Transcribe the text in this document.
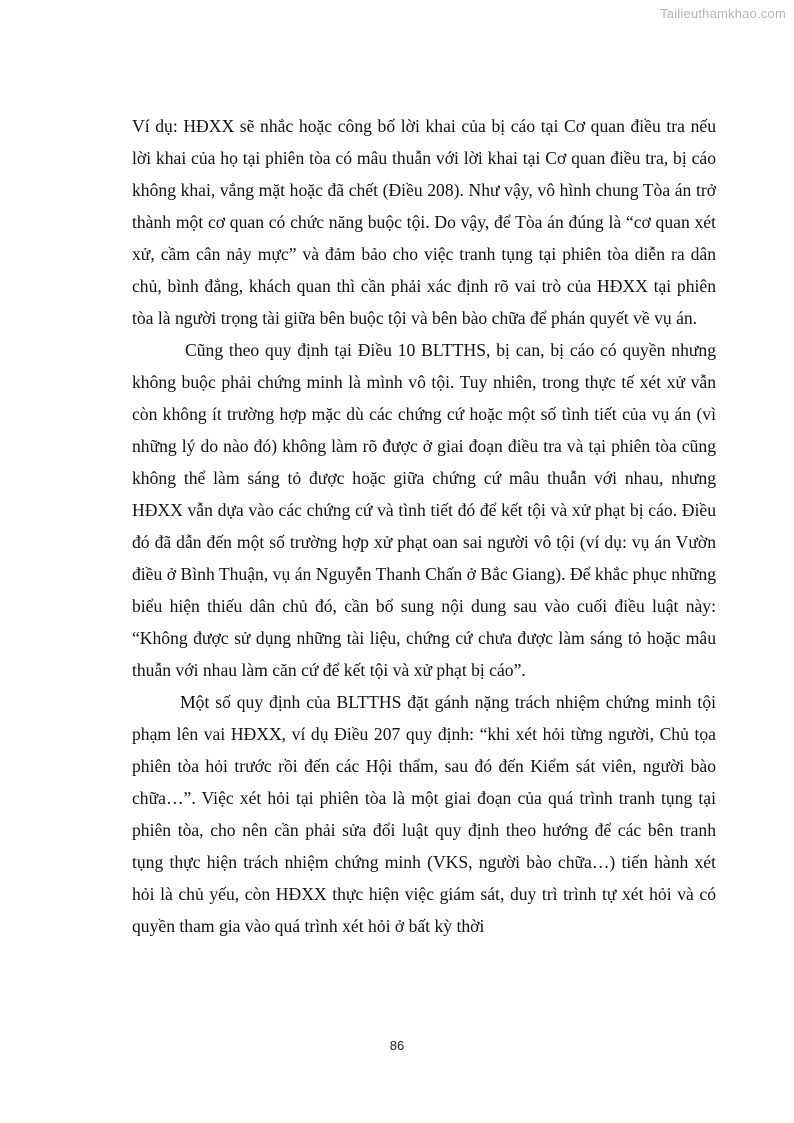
Tailieuthamkhao.com

Ví dụ: HĐXX sẽ nhắc hoặc công bố lời khai của bị cáo tại Cơ quan điều tra nếu lời khai của họ tại phiên tòa có mâu thuẫn với lời khai tại Cơ quan điều tra, bị cáo không khai, vắng mặt hoặc đã chết (Điều 208). Như vậy, vô hình chung Tòa án trở thành một cơ quan có chức năng buộc tội. Do vậy, để Tòa án đúng là “cơ quan xét xử, cầm cân nảy mực” và đảm bảo cho việc tranh tụng tại phiên tòa diễn ra dân chủ, bình đẳng, khách quan thì cần phải xác định rõ vai trò của HĐXX tại phiên tòa là người trọng tài giữa bên buộc tội và bên bào chữa để phán quyết về vụ án.

Cũng theo quy định tại Điều 10 BLTTHS, bị can, bị cáo có quyền nhưng không buộc phải chứng minh là mình vô tội. Tuy nhiên, trong thực tế xét xử vẫn còn không ít trường hợp mặc dù các chứng cứ hoặc một số tình tiết của vụ án (vì những lý do nào đó) không làm rõ được ở giai đoạn điều tra và tại phiên tòa cũng không thể làm sáng tỏ được hoặc giữa chứng cứ mâu thuẫn với nhau, nhưng HĐXX vẫn dựa vào các chứng cứ và tình tiết đó để kết tội và xử phạt bị cáo. Điều đó đã dẫn đến một số trường hợp xử phạt oan sai người vô tội (ví dụ: vụ án Vườn điều ở Bình Thuận, vụ án Nguyễn Thanh Chấn ở Bắc Giang). Để khắc phục những biểu hiện thiếu dân chủ đó, cần bổ sung nội dung sau vào cuối điều luật này: “Không được sử dụng những tài liệu, chứng cứ chưa được làm sáng tỏ hoặc mâu thuẫn với nhau làm căn cứ để kết tội và xử phạt bị cáo”.

Một số quy định của BLTTHS đặt gánh nặng trách nhiệm chứng minh tội phạm lên vai HĐXX, ví dụ Điều 207 quy định: “khi xét hỏi từng người, Chủ tọa phiên tòa hỏi trước rồi đến các Hội thẩm, sau đó đến Kiểm sát viên, người bào chữa…”. Việc xét hỏi tại phiên tòa là một giai đoạn của quá trình tranh tụng tại phiên tòa, cho nên cần phải sửa đổi luật quy định theo hướng để các bên tranh tụng thực hiện trách nhiệm chứng minh (VKS, người bào chữa…) tiến hành xét hỏi là chủ yếu, còn HĐXX thực hiện việc giám sát, duy trì trình tự xét hỏi và có quyền tham gia vào quá trình xét hỏi ở bất kỳ thời

86
